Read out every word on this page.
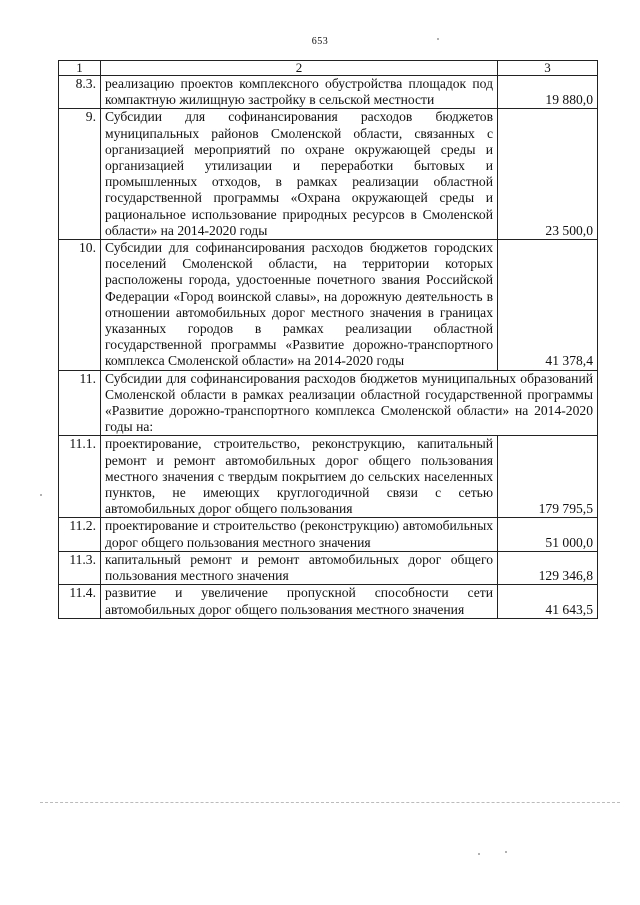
653
1	2	3
8.3.	реализацию проектов комплексного обустройства площадок под компактную жилищную застройку в сельской местности	19 880,0
9.	Субсидии для софинансирования расходов бюджетов муниципальных районов Смоленской области, связанных с организацией мероприятий по охране окружающей среды и организацией утилизации и переработки бытовых и промышленных отходов, в рамках реализации областной государственной программы «Охрана окружающей среды и рациональное использование природных ресурсов в Смоленской области» на 2014-2020 годы	23 500,0
10.	Субсидии для софинансирования расходов бюджетов городских поселений Смоленской области, на территории которых расположены города, удостоенные почетного звания Российской Федерации «Город воинской славы», на дорожную деятельность в отношении автомобильных дорог местного значения в границах указанных городов в рамках реализации областной государственной программы «Развитие дорожно-транспортного комплекса Смоленской области» на 2014-2020 годы	41 378,4
11.	Субсидии для софинансирования расходов бюджетов муниципальных образований Смоленской области в рамках реализации областной государственной программы «Развитие дорожно-транспортного комплекса Смоленской области» на 2014-2020 годы на:	
11.1.	проектирование, строительство, реконструкцию, капитальный ремонт и ремонт автомобильных дорог общего пользования местного значения с твердым покрытием до сельских населенных пунктов, не имеющих круглогодичной связи с сетью автомобильных дорог общего пользования	179 795,5
11.2.	проектирование и строительство (реконструкцию) автомобильных дорог общего пользования местного значения	51 000,0
11.3.	капитальный ремонт и ремонт автомобильных дорог общего пользования местного значения	129 346,8
11.4.	развитие и увеличение пропускной способности сети автомобильных дорог общего пользования местного значения	41 643,5
